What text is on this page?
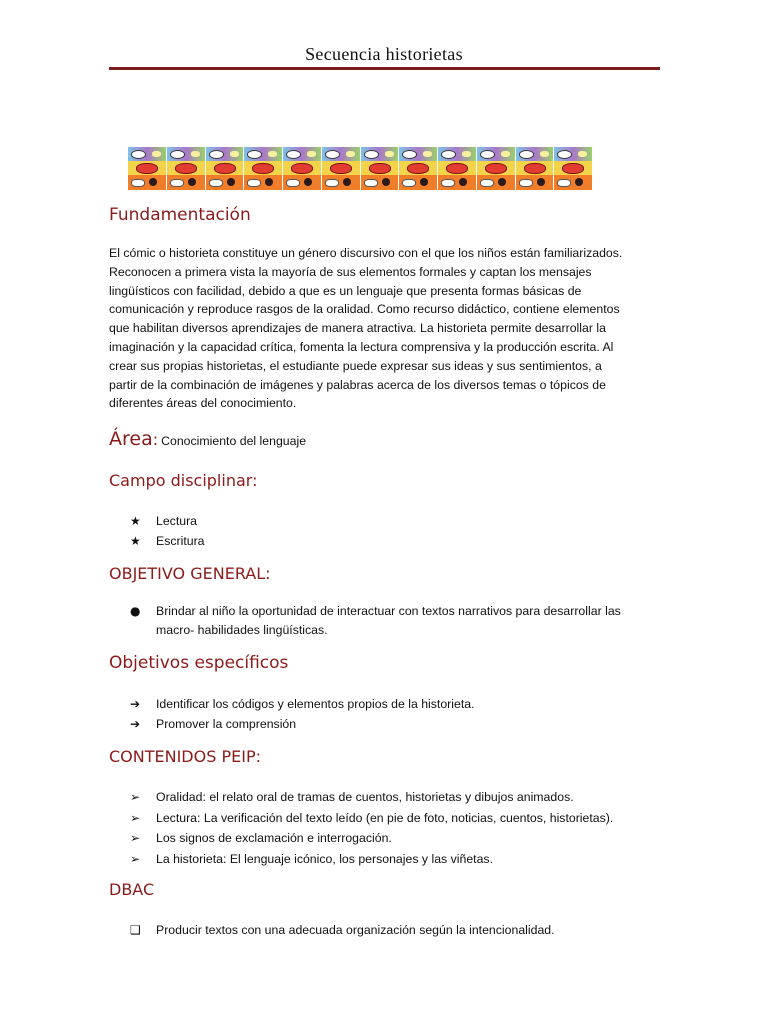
Secuencia historietas
Fundamentación
El cómic o historieta constituye un género discursivo con el que los niños están familiarizados.
Reconocen a primera vista la mayoría de sus elementos formales y captan los mensajes
lingüísticos con facilidad, debido a que es un lenguaje que presenta formas básicas de
comunicación y reproduce rasgos de la oralidad. Como recurso didáctico, contiene elementos
que habilitan diversos aprendizajes de manera atractiva. La historieta permite desarrollar la
imaginación y la capacidad crítica, fomenta la lectura comprensiva y la producción escrita. Al
crear sus propias historietas, el estudiante puede expresar sus ideas y sus sentimientos, a
partir de la combinación de imágenes y palabras acerca de los diversos temas o tópicos de
diferentes áreas del conocimiento.
Área : Conocimiento del lenguaje
Campo disciplinar:
★	Lectura
★	Escritura
OBJETIVO GENERAL:
●	Brindar al niño la oportunidad de interactuar con textos narrativos para desarrollar las
macro- habilidades lingüísticas.
Objetivos específicos
➔	Identificar los códigos y elementos propios de la historieta.
➔	Promover la comprensión
CONTENIDOS PEIP:
➢	Oralidad: el relato oral de tramas de cuentos, historietas y dibujos animados.
➢	Lectura: La verificación del texto leído (en pie de foto, noticias, cuentos, historietas).
➢	Los signos de exclamación e interrogación.
➢	La historieta: El lenguaje icónico, los personajes y las viñetas.
DBAC
❑	Producir textos con una adecuada organización según la intencionalidad.
